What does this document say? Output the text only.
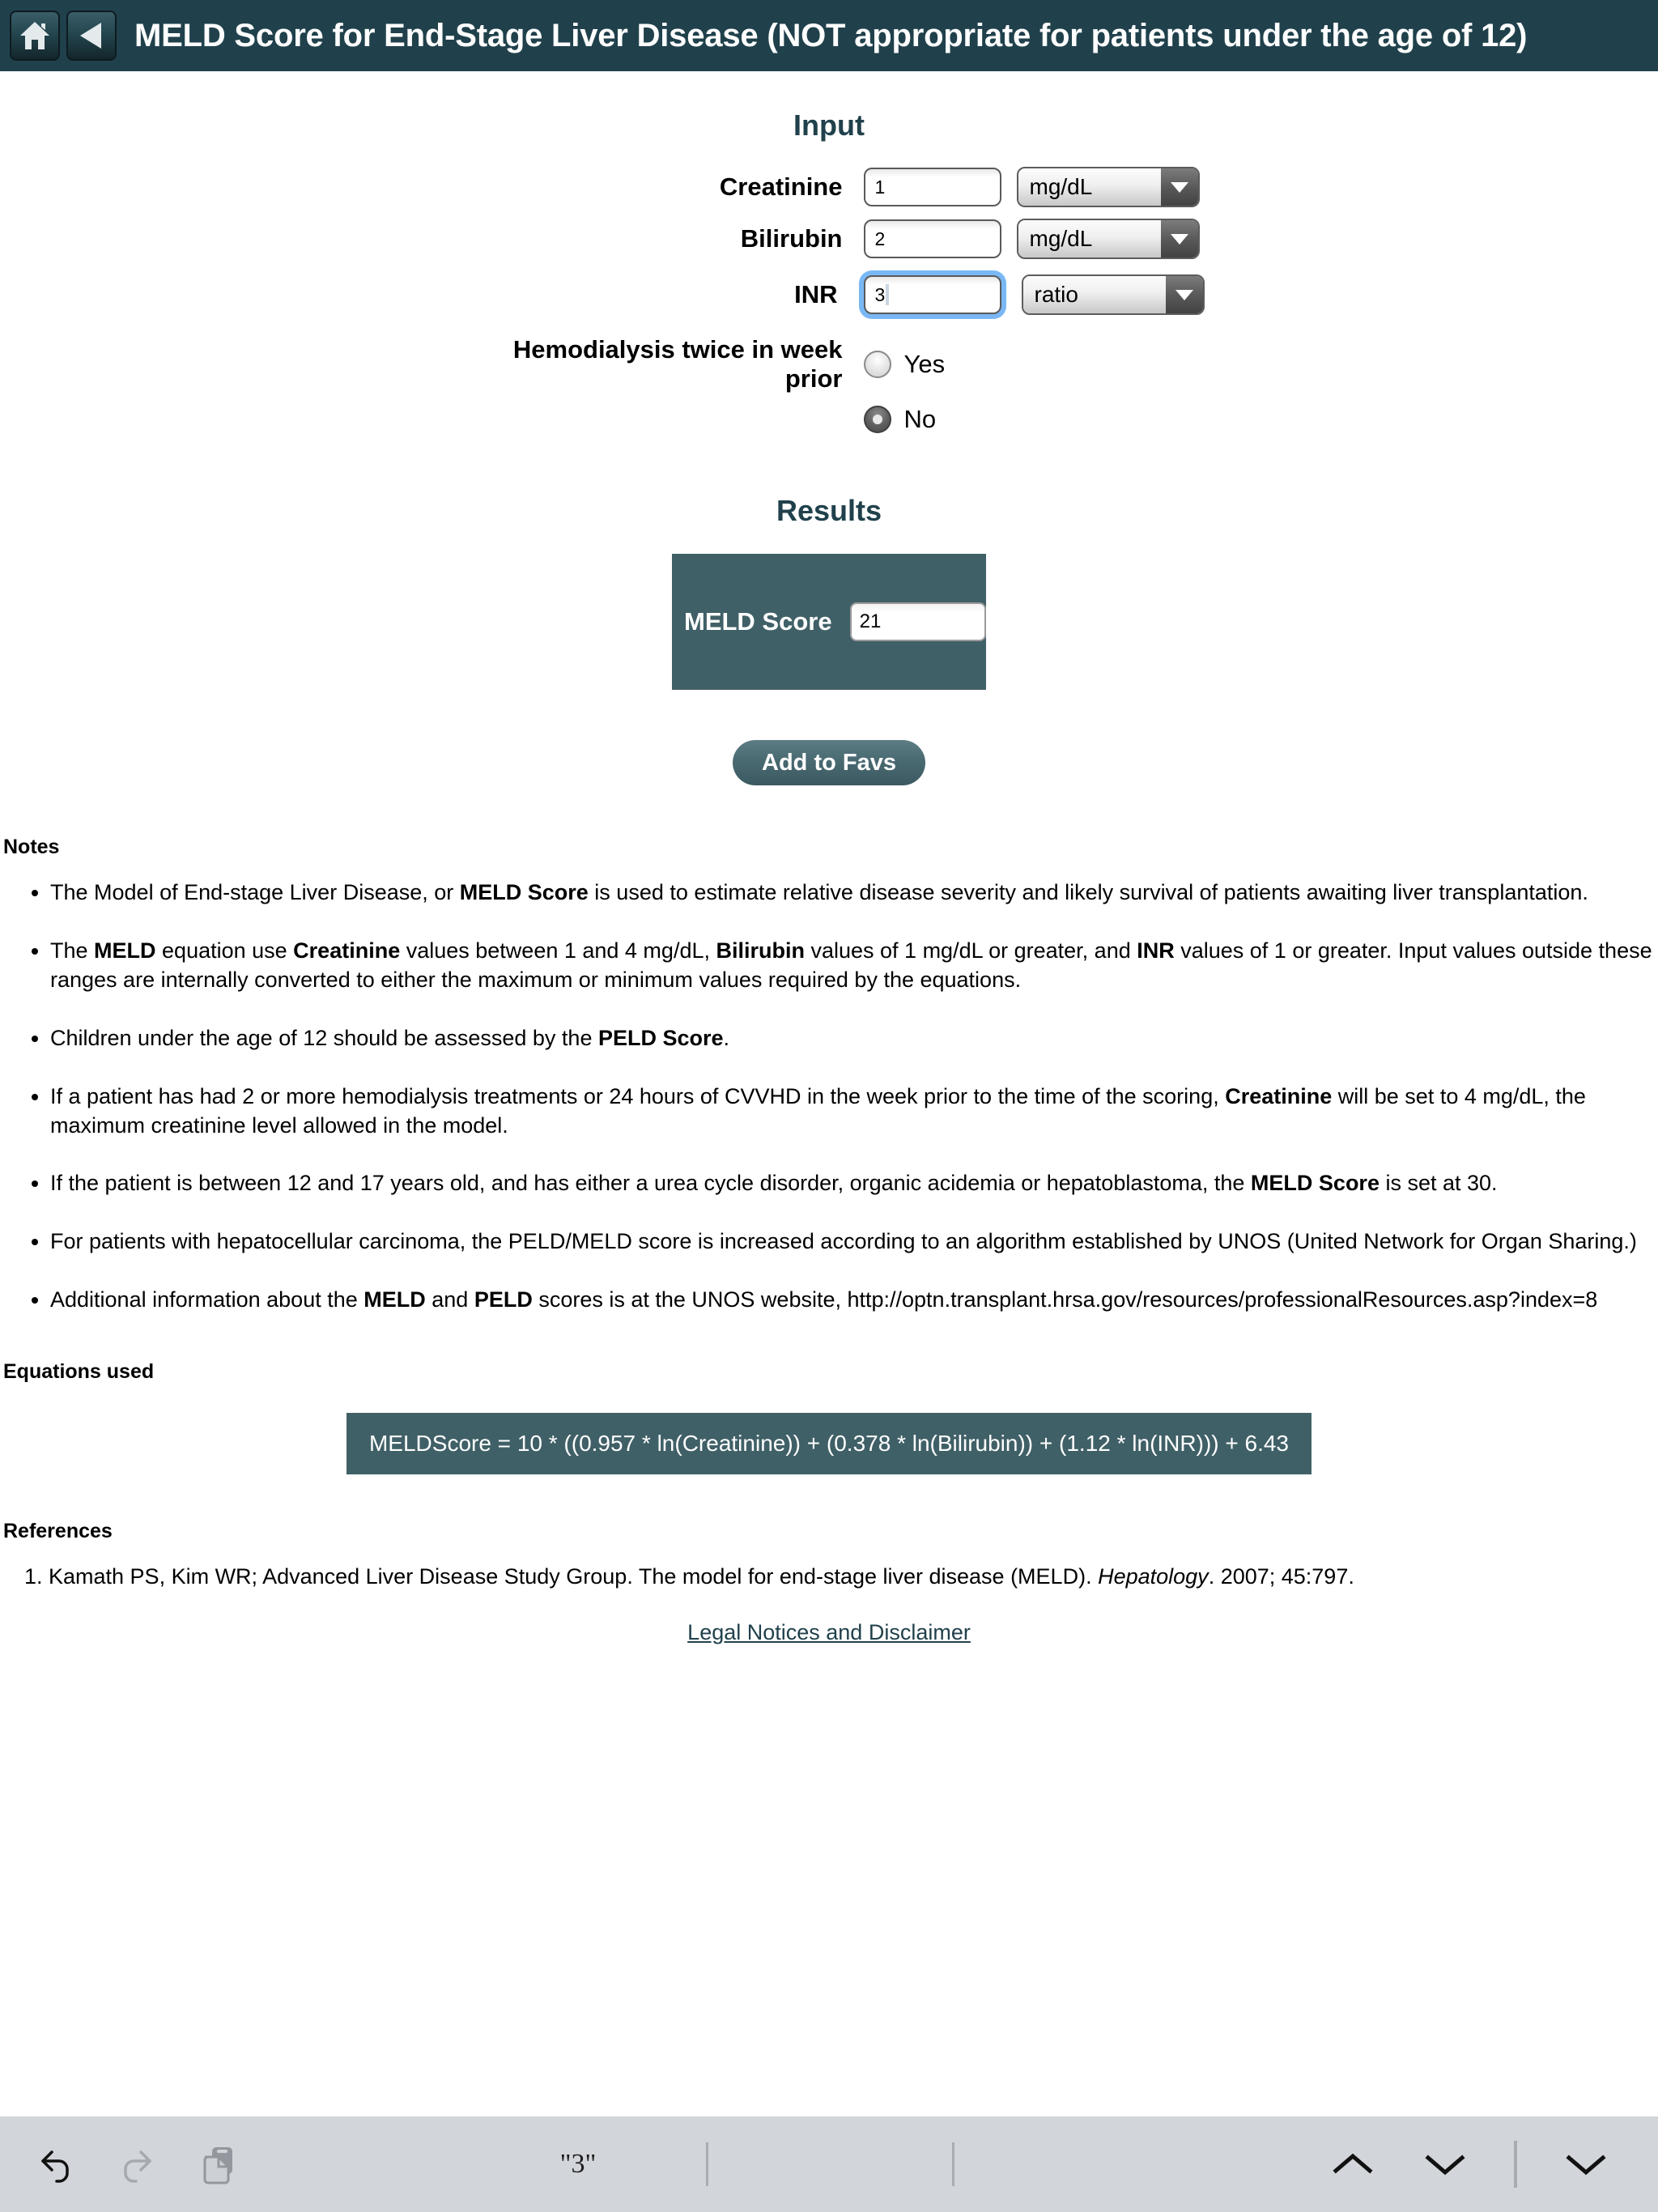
MELD Score for End-Stage Liver Disease (NOT appropriate for patients under the age of 12)
Input
Creatinine	1	mg/dL
Bilirubin	2	mg/dL
INR	3	ratio
Hemodialysis twice in week prior
Yes
No
Results
MELD Score	21
Add to Favs
Notes
• The Model of End-stage Liver Disease, or MELD Score is used to estimate relative disease severity and likely survival of patients awaiting liver transplantation.
• The MELD equation use Creatinine values between 1 and 4 mg/dL, Bilirubin values of 1 mg/dL or greater, and INR values of 1 or greater. Input values outside these ranges are internally converted to either the maximum or minimum values required by the equations.
• Children under the age of 12 should be assessed by the PELD Score.
• If a patient has had 2 or more hemodialysis treatments or 24 hours of CVVHD in the week prior to the time of the scoring, Creatinine will be set to 4 mg/dL, the maximum creatinine level allowed in the model.
• If the patient is between 12 and 17 years old, and has either a urea cycle disorder, organic acidemia or hepatoblastoma, the MELD Score is set at 30.
• For patients with hepatocellular carcinoma, the PELD/MELD score is increased according to an algorithm established by UNOS (United Network for Organ Sharing.)
• Additional information about the MELD and PELD scores is at the UNOS website, http://optn.transplant.hrsa.gov/resources/professionalResources.asp?index=8
Equations used
MELDScore = 10 * ((0.957 * ln(Creatinine)) + (0.378 * ln(Bilirubin)) + (1.12 * ln(INR))) + 6.43
References
1. Kamath PS, Kim WR; Advanced Liver Disease Study Group. The model for end-stage liver disease (MELD). Hepatology. 2007; 45:797.
Legal Notices and Disclaimer
"3"
